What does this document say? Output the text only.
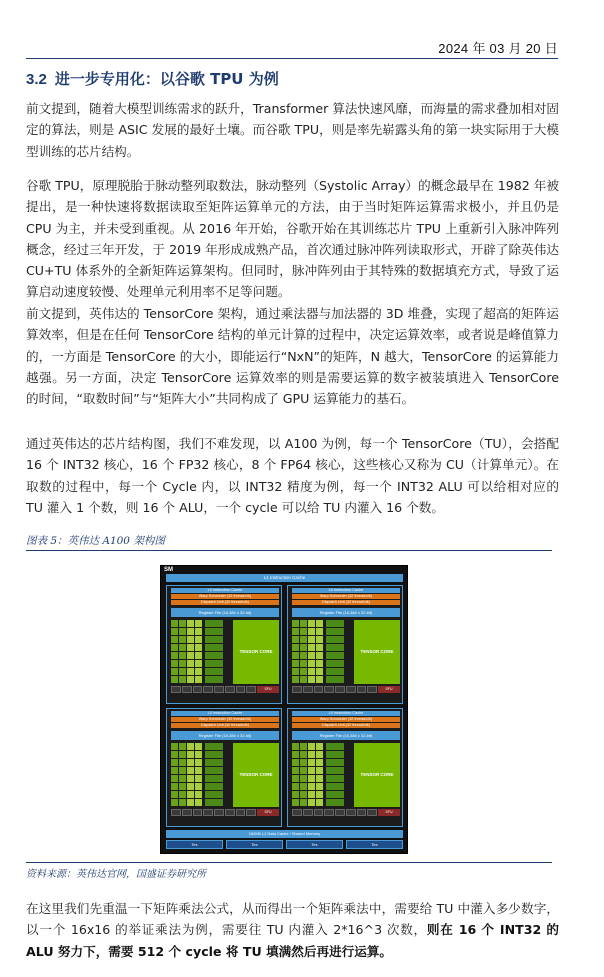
2024 年 03 月 20 日
3.2 进一步专用化：以谷歌 TPU 为例

前文提到，随着大模型训练需求的跃升，Transformer 算法快速风靡，而海量的需求叠加相对固定的算法，则是 ASIC 发展的最好土壤。而谷歌 TPU，则是率先崭露头角的第一块实际用于大模型训练的芯片结构。

谷歌 TPU，原理脱胎于脉动整列取数法，脉动整列（Systolic Array）的概念最早在 1982 年被提出，是一种快速将数据读取至矩阵运算单元的方法，由于当时矩阵运算需求极小，并且仍是 CPU 为主，并未受到重视。从 2016 年开始，谷歌开始在其训练芯片 TPU 上重新引入脉冲阵列概念，经过三年开发，于 2019 年形成成熟产品，首次通过脉冲阵列读取形式，开辟了除英伟达 CU+TU 体系外的全新矩阵运算架构。但同时，脉冲阵列由于其特殊的数据填充方式，导致了运算启动速度较慢、处理单元利用率不足等问题。

前文提到，英伟达的 TensorCore 架构，通过乘法器与加法器的 3D 堆叠，实现了超高的矩阵运算效率，但是在任何 TensorCore 结构的单元计算的过程中，决定运算效率，或者说是峰值算力的，一方面是 TensorCore 的大小，即能运行“NxN”的矩阵，N 越大，TensorCore 的运算能力越强。另一方面，决定 TensorCore 运算效率的则是需要运算的数字被装填进入 TensorCore 的时间，“取数时间”与“矩阵大小”共同构成了 GPU 运算能力的基石。

通过英伟达的芯片结构图，我们不难发现，以 A100 为例，每一个 TensorCore（TU），会搭配 16 个 INT32 核心，16 个 FP32 核心，8 个 FP64 核心，这些核心又称为 CU（计算单元）。在取数的过程中，每一个 Cycle 内，以 INT32 精度为例，每一个 INT32 ALU 可以给相对应的 TU 灌入 1 个数，则 16 个 ALU，一个 cycle 可以给 TU 内灌入 16 个数。

图表 5：英伟达 A100 架构图
SM
L1 Instruction Cache
L0 Instruction Cache
Warp Scheduler (32 thread/clk)
Dispatch Unit (32 thread/clk)
Register File (16,384 x 32-bit)
TENSOR CORE
SFU
L0 Instruction Cache
Warp Scheduler (32 thread/clk)
Dispatch Unit (32 thread/clk)
Register File (16,384 x 32-bit)
TENSOR CORE
SFU
L0 Instruction Cache
Warp Scheduler (32 thread/clk)
Dispatch Unit (32 thread/clk)
Register File (16,384 x 32-bit)
TENSOR CORE
SFU
L0 Instruction Cache
Warp Scheduler (32 thread/clk)
Dispatch Unit (32 thread/clk)
Register File (16,384 x 32-bit)
TENSOR CORE
SFU
192KB L1 Data Cache / Shared Memory
Tex	Tex	Tex	Tex
资料来源：英伟达官网，国盛证券研究所

在这里我们先重温一下矩阵乘法公式，从而得出一个矩阵乘法中，需要给 TU 中灌入多少数字，以一个 16x16 的举证乘法为例，需要往 TU 内灌入 2*16^3 次数，则在 16 个 INT32 的 ALU 努力下，需要 512 个 cycle 将 TU 填满然后再进行运算。
